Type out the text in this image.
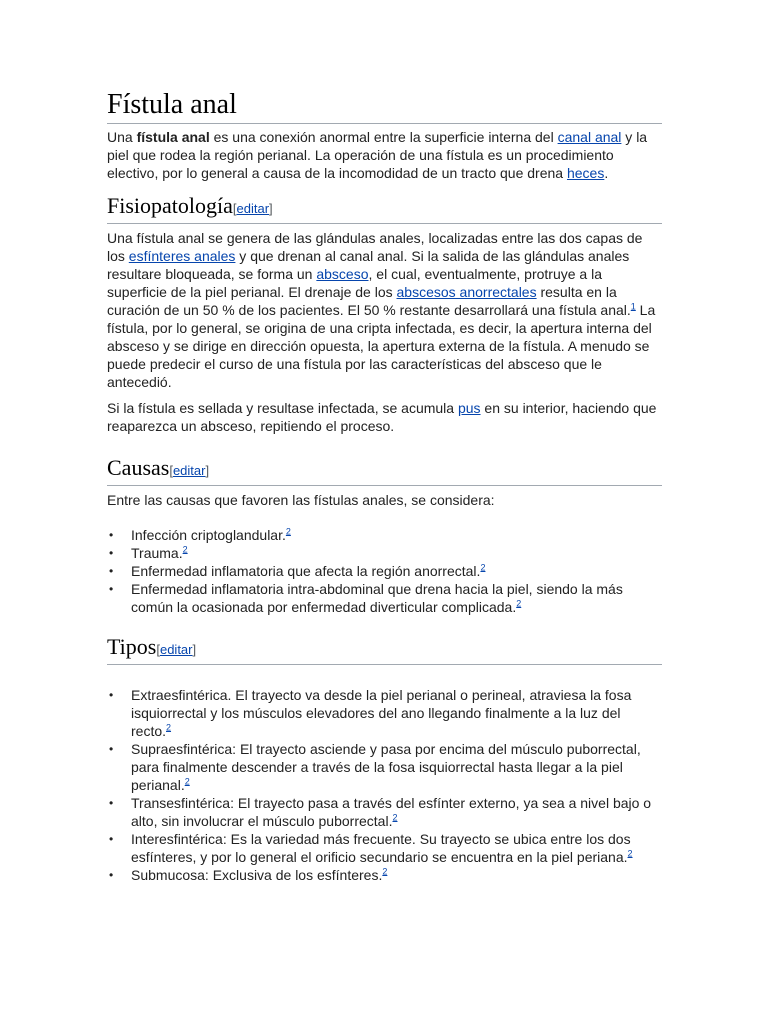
Fístula anal

Una fístula anal es una conexión anormal entre la superficie interna del canal anal y la piel que rodea la región perianal. La operación de una fístula es un procedimiento electivo, por lo general a causa de la incomodidad de un tracto que drena heces.

Fisiopatología[editar]

Una fístula anal se genera de las glándulas anales, localizadas entre las dos capas de los esfínteres anales y que drenan al canal anal. Si la salida de las glándulas anales resultare bloqueada, se forma un absceso, el cual, eventualmente, protruye a la superficie de la piel perianal. El drenaje de los abscesos anorrectales resulta en la curación de un 50 % de los pacientes. El 50 % restante desarrollará una fístula anal.$^1$ La fístula, por lo general, se origina de una cripta infectada, es decir, la apertura interna del absceso y se dirige en dirección opuesta, la apertura externa de la fístula. A menudo se puede predecir el curso de una fístula por las características del absceso que le antecedió.

Si la fístula es sellada y resultase infectada, se acumula pus en su interior, haciendo que reaparezca un absceso, repitiendo el proceso.

Causas[editar]

Entre las causas que favoren las fístulas anales, se considera:

• Infección criptoglandular.$^2$
• Trauma.$^2$
• Enfermedad inflamatoria que afecta la región anorrectal.$^2$
• Enfermedad inflamatoria intra-abdominal que drena hacia la piel, siendo la más común la ocasionada por enfermedad diverticular complicada.$^2$
Tipos[editar]
• Extraesfintérica. El trayecto va desde la piel perianal o perineal, atraviesa la fosa isquiorrectal y los músculos elevadores del ano llegando finalmente a la luz del recto.$^2$
• Supraesfintérica: El trayecto asciende y pasa por encima del músculo puborrectal, para finalmente descender a través de la fosa isquiorrectal hasta llegar a la piel perianal.$^2$
• Transesfintérica: El trayecto pasa a través del esfínter externo, ya sea a nivel bajo o alto, sin involucrar el músculo puborrectal.$^2$
• Interesfintérica: Es la variedad más frecuente. Su trayecto se ubica entre los dos esfínteres, y por lo general el orificio secundario se encuentra en la piel periana.$^2$
• Submucosa: Exclusiva de los esfínteres.$^2$
